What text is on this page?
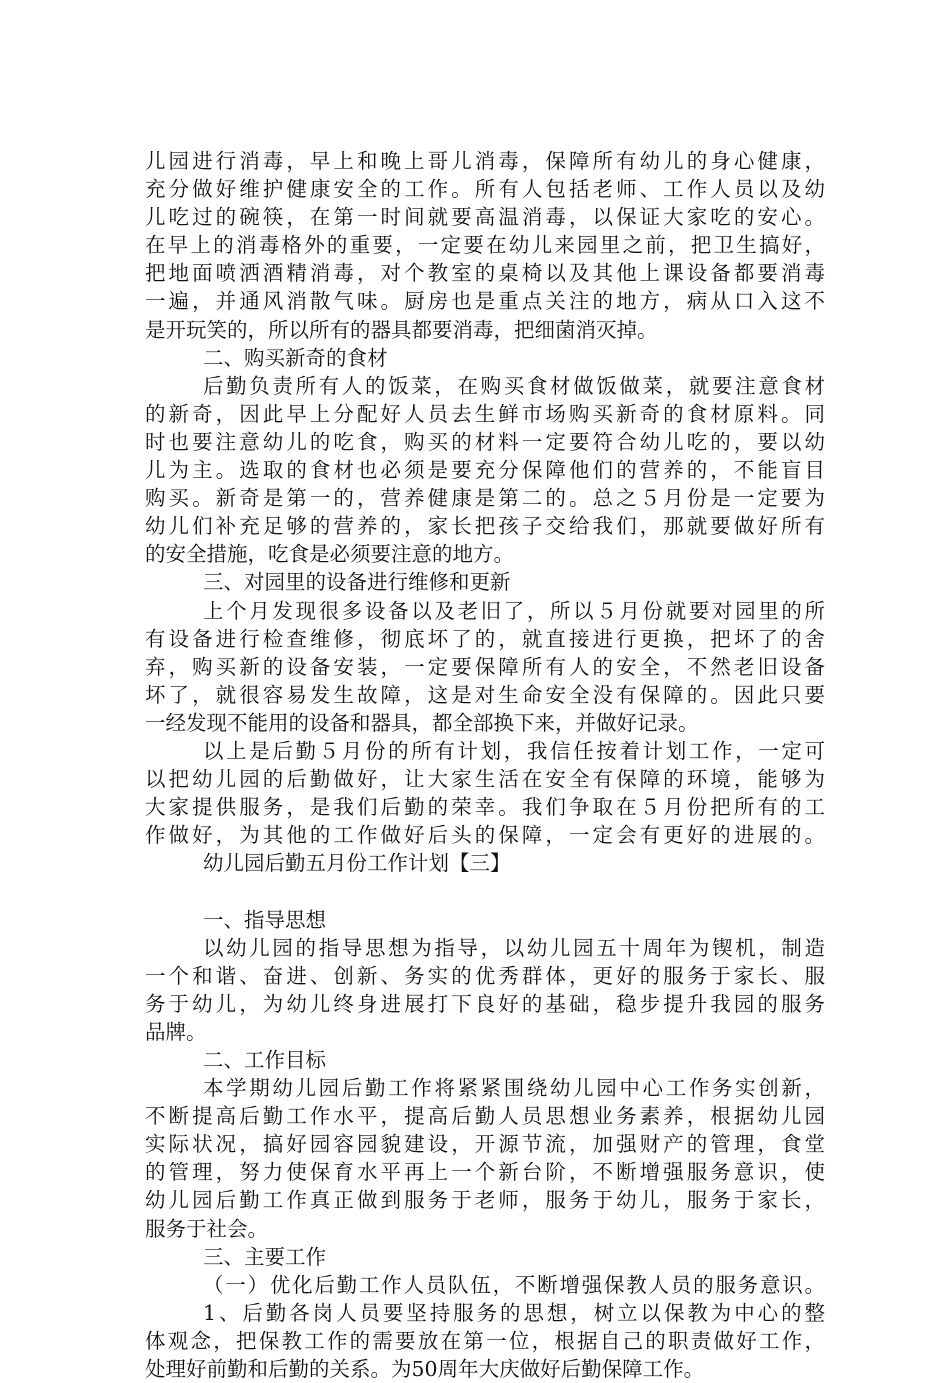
儿园进行消毒，早上和晚上哥儿消毒，保障所有幼儿的身心健康，
充分做好维护健康安全的工作。所有人包括老师、工作人员以及幼
儿吃过的碗筷，在第一时间就要高温消毒，以保证大家吃的安心。
在早上的消毒格外的重要，一定要在幼儿来园里之前，把卫生搞好，
把地面喷洒酒精消毒，对个教室的桌椅以及其他上课设备都要消毒
一遍，并通风消散气味。厨房也是重点关注的地方，病从口入这不
是开玩笑的，所以所有的器具都要消毒，把细菌消灭掉。
二、购买新奇的食材
后勤负责所有人的饭菜，在购买食材做饭做菜，就要注意食材
的新奇，因此早上分配好人员去生鲜市场购买新奇的食材原料。同
时也要注意幼儿的吃食，购买的材料一定要符合幼儿吃的，要以幼
儿为主。选取的食材也必须是要充分保障他们的营养的，不能盲目
购买。新奇是第一的，营养健康是第二的。总之５月份是一定要为
幼儿们补充足够的营养的，家长把孩子交给我们，那就要做好所有
的安全措施，吃食是必须要注意的地方。
三、对园里的设备进行维修和更新
上个月发现很多设备以及老旧了，所以５月份就要对园里的所
有设备进行检查维修，彻底坏了的，就直接进行更换，把坏了的舍
弃，购买新的设备安装，一定要保障所有人的安全，不然老旧设备
坏了，就很容易发生故障，这是对生命安全没有保障的。因此只要
一经发现不能用的设备和器具，都全部换下来，并做好记录。
以上是后勤５月份的所有计划，我信任按着计划工作，一定可
以把幼儿园的后勤做好，让大家生活在安全有保障的环境，能够为
大家提供服务，是我们后勤的荣幸。我们争取在５月份把所有的工
作做好，为其他的工作做好后头的保障，一定会有更好的进展的。
幼儿园后勤五月份工作计划【三】
一、指导思想
以幼儿园的指导思想为指导，以幼儿园五十周年为锲机，制造
一个和谐、奋进、创新、务实的优秀群体，更好的服务于家长、服
务于幼儿，为幼儿终身进展打下良好的基础，稳步提升我园的服务
品牌。
二、工作目标
本学期幼儿园后勤工作将紧紧围绕幼儿园中心工作务实创新，
不断提高后勤工作水平，提高后勤人员思想业务素养，根据幼儿园
实际状况，搞好园容园貌建设，开源节流，加强财产的管理，食堂
的管理，努力使保育水平再上一个新台阶，不断增强服务意识，使
幼儿园后勤工作真正做到服务于老师，服务于幼儿，服务于家长，
服务于社会。
三、主要工作
（一）优化后勤工作人员队伍，不断增强保教人员的服务意识。
1、后勤各岗人员要坚持服务的思想，树立以保教为中心的整
体观念，把保教工作的需要放在第一位，根据自己的职责做好工作，
处理好前勤和后勤的关系。为50周年大庆做好后勤保障工作。
